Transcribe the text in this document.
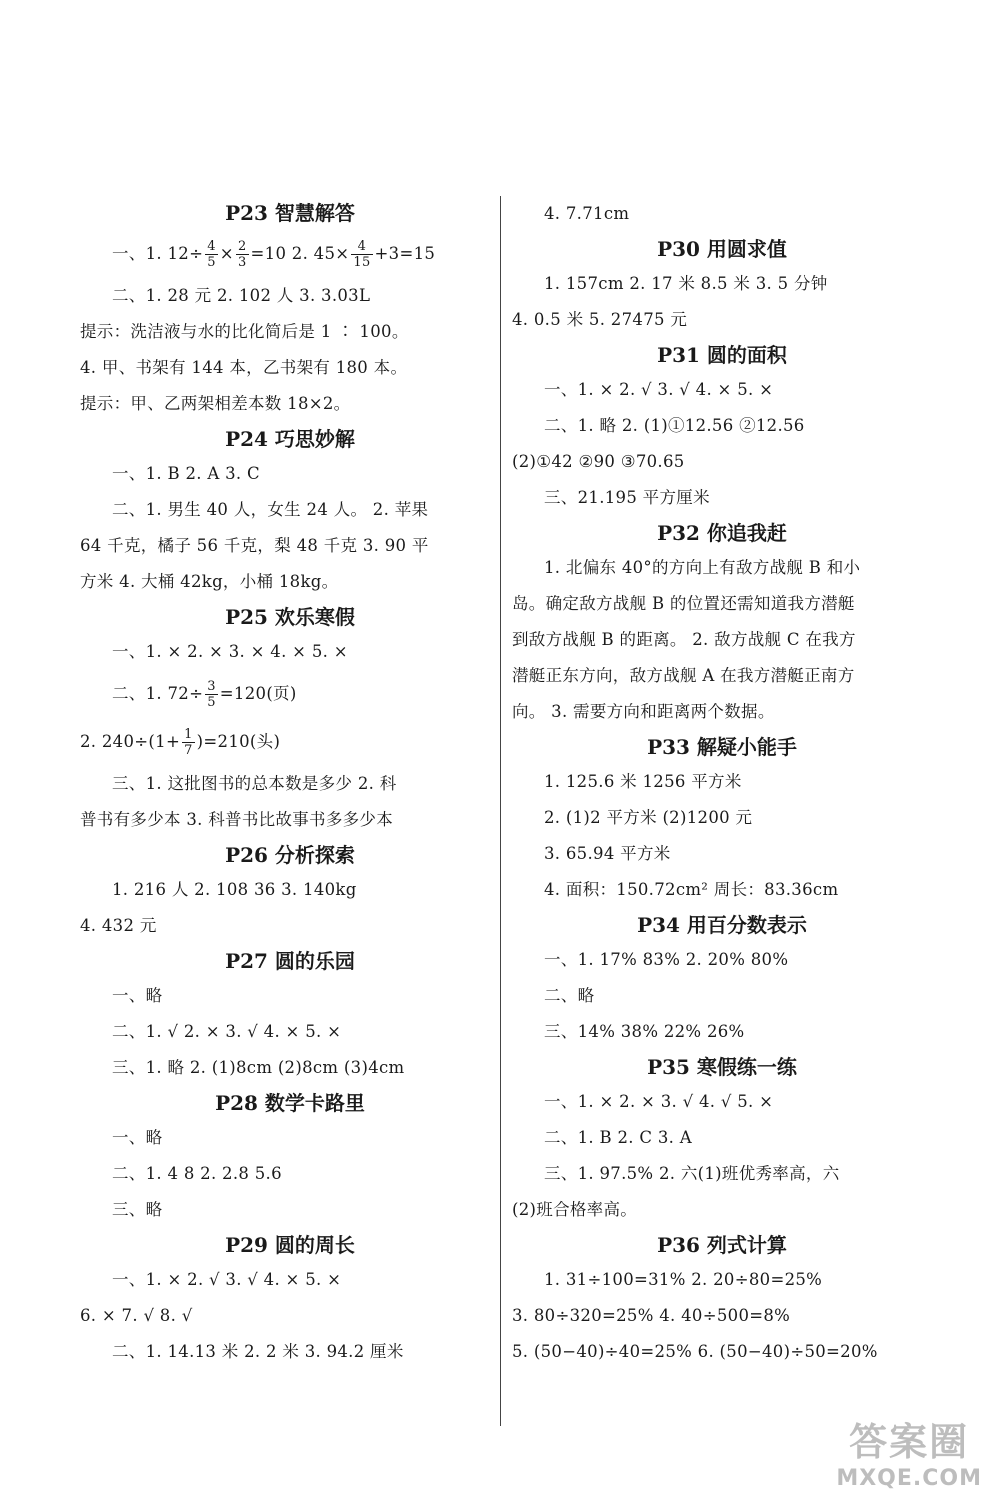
P23 智慧解答
一、1. $12\div \frac{4}{5} \times \frac{2}{3} =10$ 2. $45\times \frac{4}{15} +3=15$
二、1. 28 元 2. 102 人 3. 3.03L
提示：洗洁液与水的比化简后是 1 ∶ 100。
4. 甲、书架有 144 本，乙书架有 180 本。
提示：甲、乙两架相差本数 18×2。
P24 巧思妙解
一、1. B 2. A 3. C
二、1. 男生 40 人，女生 24 人。 2. 苹果
64 千克，橘子 56 千克，梨 48 千克 3. 90 平
方米 4. 大桶 42kg，小桶 18kg。
P25 欢乐寒假
一、1. × 2. × 3. × 4. × 5. ×
二、1. $72\div \frac{3}{5} =120$(页)
2. $240\div(1+ \frac{1}{7} )=210$(头)
三、1. 这批图书的总本数是多少 2. 科
普书有多少本 3. 科普书比故事书多多少本
P26 分析探索
1. 216 人 2. 108 36 3. 140kg
4. 432 元
P27 圆的乐园
一、略
二、1. √ 2. × 3. √ 4. × 5. ×
三、1. 略 2. (1)8cm (2)8cm (3)4cm
P28 数学卡路里
一、略
二、1. 4 8 2. 2.8 5.6
三、略
P29 圆的周长
一、1. × 2. √ 3. √ 4. × 5. ×
6. × 7. √ 8. √
二、1. 14.13 米 2. 2 米 3. 94.2 厘米
4. 7.71cm
P30 用圆求值
1. 157cm 2. 17 米 8.5 米 3. 5 分钟
4. 0.5 米 5. 27475 元
P31 圆的面积
一、1. × 2. √ 3. √ 4. × 5. ×
二、1. 略 2. (1)①12.56 ②12.56
(2)①42 ②90 ③70.65
三、21.195 平方厘米
P32 你追我赶
1. 北偏东 40°的方向上有敌方战舰 B 和小
岛。确定敌方战舰 B 的位置还需知道我方潜艇
到敌方战舰 B 的距离。 2. 敌方战舰 C 在我方
潜艇正东方向，敌方战舰 A 在我方潜艇正南方
向。 3. 需要方向和距离两个数据。
P33 解疑小能手
1. 125.6 米 1256 平方米
2. (1)2 平方米 (2)1200 元
3. 65.94 平方米
4. 面积：150.72cm² 周长：83.36cm
P34 用百分数表示
一、1. 17% 83% 2. 20% 80%
二、略
三、14% 38% 22% 26%
P35 寒假练一练
一、1. × 2. × 3. √ 4. √ 5. ×
二、1. B 2. C 3. A
三、1. 97.5% 2. 六(1)班优秀率高，六
(2)班合格率高。
P36 列式计算
1. 31÷100=31% 2. 20÷80=25%
3. 80÷320=25% 4. 40÷500=8%
5. (50−40)÷40=25% 6. (50−40)÷50=20%
答案圈
MXQE.COM
